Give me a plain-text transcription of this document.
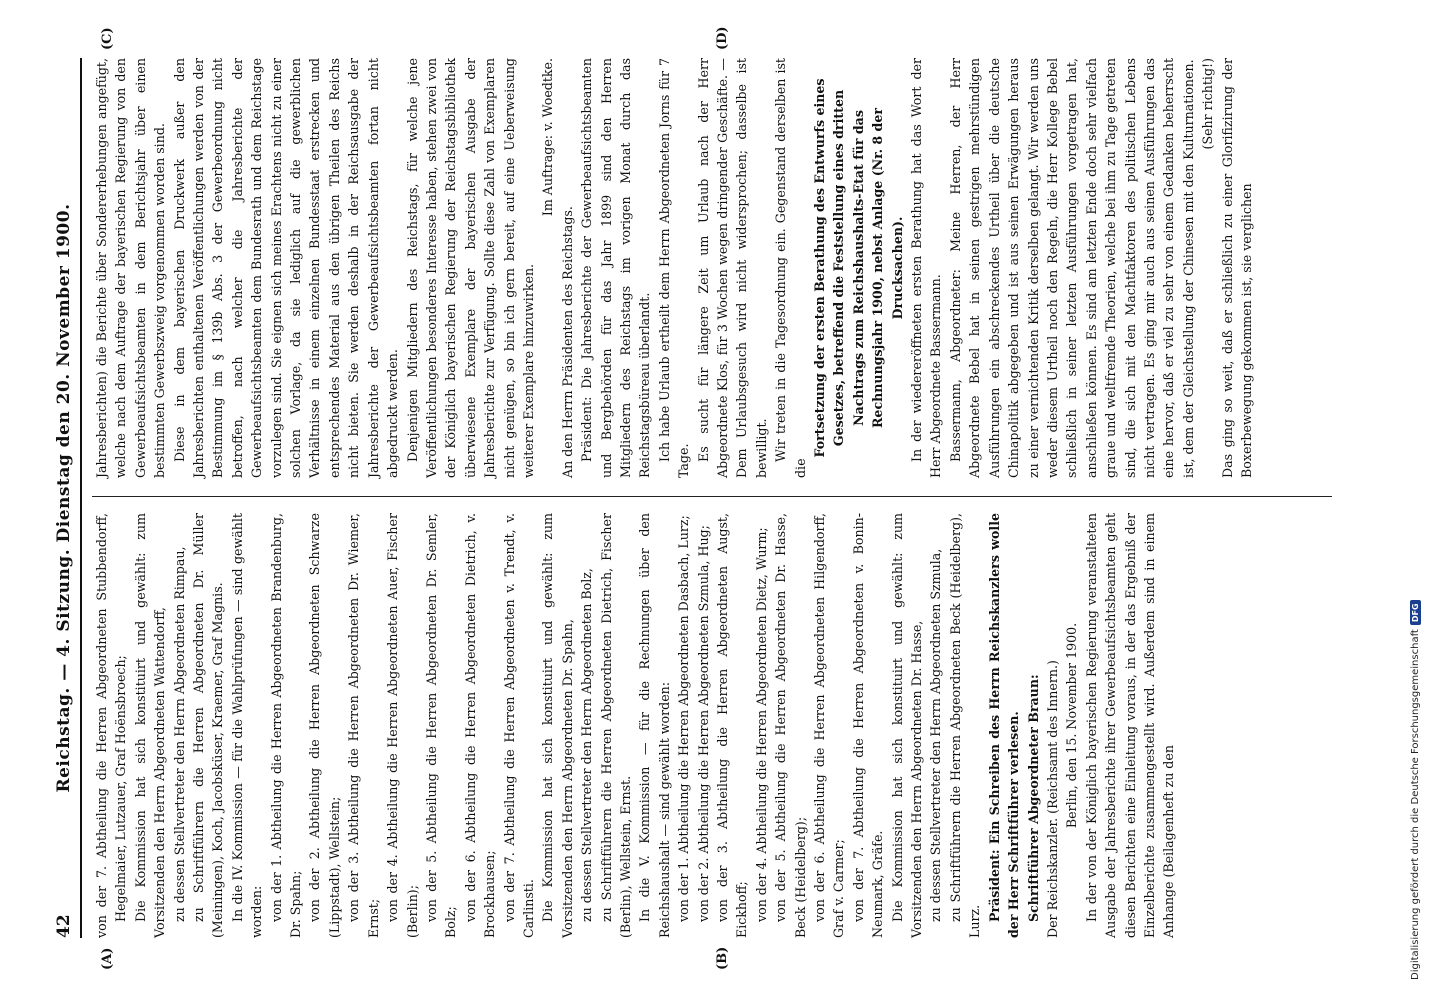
42
Reichstag. — 4. Sitzung. Dienstag den 20. November 1900.
(A)	(B)
(C)	(D)

von der 7. Abtheilung die Herren Abgeordneten Stubbendorff, Hegelmaier, Lutzauer, Graf Hoënsbroech; Die Kommission hat sich konstituirt und gewählt: zum Vorsitzenden den Herrn Abgeordneten Wattendorff, zu dessen Stellvertreter den Herrn Abgeordneten Rimpau, zu Schriftführern die Herren Abgeordneten Dr. Müller (Meiningen), Koch, Jacobsküser, Kraemer, Graf Magnis. In die IV. Kommission — für die Wahlprüfungen — sind gewählt worden: von der 1. Abtheilung die Herren Abgeordneten Brandenburg, Dr. Spahn; von der 2. Abtheilung die Herren Abgeordneten Schwarze (Lippstadt), Wellstein; von der 3. Abtheilung die Herren Abgeordneten Dr. Wiemer, Ernst; von der 4. Abtheilung die Herren Abgeordneten Auer, Fischer (Berlin); von der 5. Abtheilung die Herren Abgeordneten Dr. Semler, Bolz;

von der 6. Abtheilung die Herren Abgeordneten Dietrich, v. Brockhausen; von der 7. Abtheilung die Herren Abgeordneten v. Trendt, v. Carlinsti. Die Kommission hat sich konstituirt und gewählt: zum Vorsitzenden den Herrn Abgeordneten Dr. Spahn, zu dessen Stellvertreter den Herrn Abgeordneten Bolz, zu Schriftführern die Herren Abgeordneten Dietrich, Fischer (Berlin), Wellstein, Ernst. In die V. Kommission — für die Rechnungen über den Reichshaushalt — sind gewählt worden: von der 1. Abtheilung die Herren Abgeordneten Dasbach, Lurz; von der 2. Abtheilung die Herren Abgeordneten Szmula, Hug; von der 3. Abtheilung die Herren Abgeordneten Augst, Eickhoff; von der 4. Abtheilung die Herren Abgeordneten Dietz, Wurm; von der 5. Abtheilung die Herren Abgeordneten Dr. Hasse, Beck (Heidelberg); von der 6. Abtheilung die Herren Abgeordneten Hilgendorff, Graf v. Carmer; von der 7. Abtheilung die Herren Abgeordneten v. Bonin-Neumark, Gräfe. Die Kommission hat sich konstituirt und gewählt: zum Vorsitzenden den Herrn Abgeordneten Dr. Hasse, zu dessen Stellvertreter den Herrn Abgeordneten Szmula, zu Schriftführern die Herren Abgeordneten Beck (Heidelberg), Lurz. Präsident: Ein Schreiben des Herrn Reichskanzlers wolle der Herr Schriftführer verlesen. Schriftführer Abgeordneter Braun: Der Reichskanzler. (Reichsamt des Innern.) Berlin, den 15. November 1900. In der von der Königlich bayerischen Regierung veranstalteten Ausgabe der Jahresberichte ihrer Gewerbeaufsichtsbeamten geht diesen Berichten eine Einleitung voraus, in der das Ergebniß der Einzelberichte zusammengestellt wird. Außerdem sind in einem Anhange (Beilagenheft zu den

Jahresberichten) die Berichte über Sondererhebungen angefügt, welche nach dem Auftrage der bayerischen Regierung von den Gewerbeaufsichtsbeamten in dem Berichtsjahr über einen bestimmten Gewerbszweig vorgenommen worden sind. Diese in dem bayerischen Druckwerk außer den Jahresberichten enthaltenen Veröffentlichungen werden von der Bestimmung im § 139b Abs. 3 der Gewerbeordnung nicht betroffen, nach welcher die Jahresberichte der Gewerbeaufsichtsbeamten dem Bundesrath und dem Reichstage vorzulegen sind. Sie eignen sich meines Erachtens nicht zu einer solchen Vorlage, da sie lediglich auf die gewerblichen Verhältnisse in einem einzelnen Bundesstaat erstrecken und entsprechendes Material aus den übrigen Theilen des Reichs nicht bieten. Sie werden deshalb in der Reichsausgabe der Jahresberichte der Gewerbeaufsichtsbeamten fortan nicht abgedruckt werden. Denjenigen Mitgliedern des Reichstags, für welche jene Veröffentlichungen besonderes Interesse haben, stehen zwei von der Königlich bayerischen Regierung der Reichstagsbibliothek überwiesene Exemplare der bayerischen Ausgabe der Jahresberichte zur Verfügung. Sollte diese Zahl von Exemplaren nicht genügen, so bin ich gern bereit, auf eine Ueberweisung weiterer Exemplare hinzuwirken.

Im Auftrage: v. Woedtke.

An den Herrn Präsidenten des Reichstags. Präsident: Die Jahresberichte der Gewerbeaufsichtsbeamten und Bergbehörden für das Jahr 1899 sind den Herren Mitgliedern des Reichstags im vorigen Monat durch das Reichstagsbüreau überlandt. Ich habe Urlaub ertheilt dem Herrn Abgeordneten Jorns für 7 Tage. Es sucht für längere Zeit um Urlaub nach der Herr Abgeordnete Klos, für 3 Wochen wegen dringender Geschäfte. — Dem Urlaubsgesuch wird nicht widersprochen; dasselbe ist bewilligt. Wir treten in die Tagesordnung ein. Gegenstand derselben ist die

Fortsetzung der ersten Berathung des Entwurfs eines Gesetzes, betreffend die Feststellung eines dritten Nachtrags zum Reichshaushalts-Etat für das Rechnungsjahr 1900, nebst Anlage (Nr. 8 der Drucksachen). In der wiedereröffneten ersten Berathung hat das Wort der Herr Abgeordnete Bassermann. Bassermann, Abgeordneter: Meine Herren, der Herr Abgeordnete Bebel hat in seinen gestrigen mehrstündigen Ausführungen ein abschreckendes Urtheil über die deutsche Chinapolitik abgegeben und ist aus seinen Erwägungen heraus zu einer vernichtenden Kritik derselben gelangt. Wir werden uns weder diesem Urtheil noch den Regeln, die Herr Kollege Bebel schließlich in seiner letzten Ausführungen vorgetragen hat, anschließen können. Es sind am letzten Ende doch sehr vielfach graue und weltfremde Theorien, welche bei ihm zu Tage getreten sind, die sich mit den Machtfaktoren des politischen Lebens nicht vertragen. Es ging mir auch aus seinen Ausführungen das eine hervor, daß er viel zu sehr von einem Gedanken beherrscht ist, dem der Gleichstellung der Chinesen mit den Kulturnationen. (Sehr richtig!) Das ging so weit, daß er schließlich zu einer Glorifizirung der Boxerbewegung gekommen ist, sie verglichen

Digitalisierung gefördert durch die Deutsche Forschungsgemeinschaft
DFG
